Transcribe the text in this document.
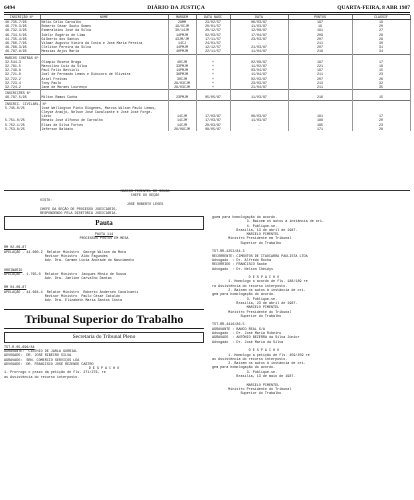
6494	DIÁRIO DA JUSTIÇA	QUARTA-FEIRA, 8 ABR 1987
INSCRIÇÃO Nº	NOME	MARGEM	DATA NASC	DATA	PONTOS	CLASSIF
46.735-7/95	Nélio Célio Carvalho	29MM	23/02/57	06/03/87	197	19
46.770-3/95	Roberto Cézar Souto Gomes	19/OCJM	20/01/57	11/03/87	19	20
46.732-3/95	Esmeraldino José da Silva	30/14JM	20/12/57	12/08/87	191	27
46.734-5/95	Idelir Rogério de Lima	14PMJM	02/03/57	17/04/87	209	28
44.735-4/95	Gilberto dos Santos	43JM/JM	17/11/57	23/03/87	207	29
46.760-7/95	Vilmar Augusto Vieira da Costa e José Maria Pereira	14CJ	24/01/57	-	211	30
46.786-3/95	Cleliton Pereira da Silva	14PMJM	12/12/57	21/03/87	207	31
46.787-8/95	Messias Anjos Maria	40PMJM	22/11/57	11/04/87	218	34
MARCOS CONTRAS Nº						
32.544-3	Olímpio Rosete Braga	40CJM	+	02/08/87	197	17
32.781-5	Marcolino Luiz da Silva	33PMJM	+	11/02/87	221	18
32.749-8	Paul Felix Bettioli	14PMJM	+	03/04/87	197	15
32.721-0	Joel de Fernando Lemos e Dióscoro de Oliveira	36PMJM	+	11/04/87	211	23
32.722-2	Ariel Freitas	30CJM	+	02/03/87	207	26
32.723-4	Tony Paulo	28/03CJM	+	23/03/87	213	32
32.724-2	Jane de Moraes Lourenço	28/03CJM	+	21/04/87	211	35
INSCRIÇÕES Nº						
46.787-5/95	Milton Ramos Cunha	23PMJM	05/05/87	11/03/87	216	15
INSCRIÇ. CIVILARL. Nº						
5.745-0/25	José Wellington Pinto Diógenes, Marcos Wilson Paulo Lemos,					
	Cleyse Araújo, Nelson José Cavalcante e José José Forge-					
	Lieto	14CJM	17/03/87	06/03/87	181	17
5.751-0/25	Renato José Alfonso de Carvalho	14CJM	17/03/87	11/03/87	188	20
5.752-1/25	Elias de Silva Fortes	14CJM	20/03/87	-	185	23
5.753-8/25	Jeferson Baldato	28/09CJM	08/05/87	-	171	28
MARCOS PIMENTEL DE SOUZA
CHEFE DO SEÇÃO
VISTO:
JOSÉ ROBERTO LEOES
CHEFE DA SEÇÃO DE PROCESSO JUDICIÁRIO,
RESPONDENDO PELA DIRETORIA JUDICIÁRIA.
Pauta
PAUTA 114
PROCESSOS POSTOS EM MESA
RM 02-06-87
APELAÇÃO - 44.660-2  Relator Ministro  George Wilson da Mota
Revisor Ministro  Aldo Fagundes
Adv. Dra. Carmen Lúcia Andrade do Nascimento
ORDINÁRIO
APELAÇÃO - 1.765-0  Relator Ministro  Jacques Mônio de Sousa
Adv. Dra. Jaeline Carvalho Dantas
RM 04-06-87
APELAÇÃO - 44.664-4  Relator Ministro  Roberto Andersen Cavalcanti
Revisor Ministro  Paulo César Cataldo
Adv. Dra. Elizabeth Maria Santos Costa
Tribunal Superior do Trabalho
Secretaria do Tribunal Pleno
TST-R-05-696/84
AGRAVANTE:  CINTHIO DE JARLA GURRIAL
ADVOGADO:  DR. JOSÉ RIBEIRO SILVA
AGRAVADO:  SRN. COMERCIO SERVIÇOS LDA
ADVOGADO:  DR. FRANCISCO JOSÉ REZENDE CASTRO
D E S P A C H O
1. Prorrogo o prazo da petição de fls. 271/276, re
as Assistência do recurso interposto.
guem para homologação do acordo.
3. Baixem os autos à instância de ori-
4. Publique-se.
Brasília, 13 de abril de 1987.
MARCELO PIMENTEL
Ministro Presidente em Tribunal
Superior do Trabalho
TST-RR-4253/84.3
RECORRENTE: CIMENTOS DE ITAOCARRA PAULISTA LTDA
Advogado  : Dr. Alfredo Rocha
RECORRIDO : FRANCISCO Saoke
Advogado  : Dr. Nelson Cheidys
D E S P A C H O
1. Homologo o acordo de fls. 188/189 re
ra Assistência do recurso interposto.
2. Baixem os autos à instância de ori-
gem para homologação do acordo.
3. Publique-se.
Brasília, 23 de abril de 1987.
MARCELO PIMENTEL
Ministro Presidente do Tribunal
Superior do Trabalho
TST-RR-4416/86.5
AGRAVANTE : BANCO REAL S/A
Advogado  : Dr. José Maria Ribeiro
AGRAVADO  : ANTÔNIO BEZERRA da Silva Júnior
Advogado  : Dr. José Maria da Silva
D E S P A C H O
1. Homologo a petição de fls. 459/459 re
as Assistência do recurso interposto.
2. Baixem os autos à instância de ori-
gem para homologação do acordo.
3. Publique-se.
Brasília, 13 de maio de 1987.
MARCELO PIMENTEL
Ministro Presidente do Tribunal
Superior do Trabalho
